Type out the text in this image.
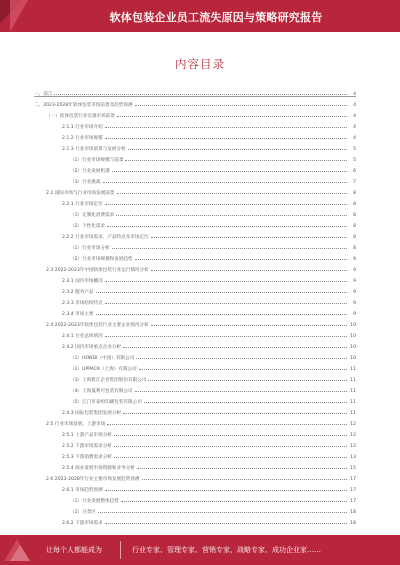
软体包装企业员工流失原因与策略研究报告
内容目录
一、前言	4
二、2023-2028年软体包装市场前景及趋势预测	4
（一）软体包装行业宏观市场前景	4
2.1.1 行业市场介绍	4
2.1.2 行业市场规模	4
2.1.3 行业市场前景与发展分析	5
（1）行业市场规模与前景	5
（2）行业发展机遇	6
（3）行业挑战	7
2.2 国际市场与行业市场发展前景	8
2.2.1 行业市场定位	8
（1）定制化消费需求	8
（2）个性化需求	8
2.2.2 行业市场需求、产品特点及市场定位	8
（1）行业市场分析	8
（2）行业市场规模和发展趋势	9
2.3 2022-2023年中国软体包装行业运行情况分析	9
2.3.1 国内市场概况	9
2.3.2 服务产品	9
2.3.3 市场结构特点	9
2.3.4 市场主要	9
2.4 2022-2023年软体包装行业主要企业情况分析	10
2.4.1 行业总体情况	10
2.4.2 国内市场重点企业分析	10
（1）HONDI（中国）有限公司	10
（2）UPPACK（上海）有限公司	11
（3）上海紫江企业集团股份有限公司	11
（4）上海曼利可包装有限公司	11
（5）江门市泰恒印刷包装有限公司	11
2.4.3 国际包装集团发展分析	11
2.5 行业市场发展、上游市场	12
2.5.1 上游产品市场分析	12
2.5.2 下游市场需求分析	12
2.5.3 下游消费需求分析	13
2.5.4 商业发展市场资源和业务分析	15
2.6 2023-2028年行业主要市场发展趋势预测	17
2.6.1 市场趋势预测	17
（1）行业发展整体趋势	17
（2）分类区	18
2.6.2 下游市场需求	18
让每个人都能成为	行业专家、管理专家、营销专家、战略专家、成功企业家……
